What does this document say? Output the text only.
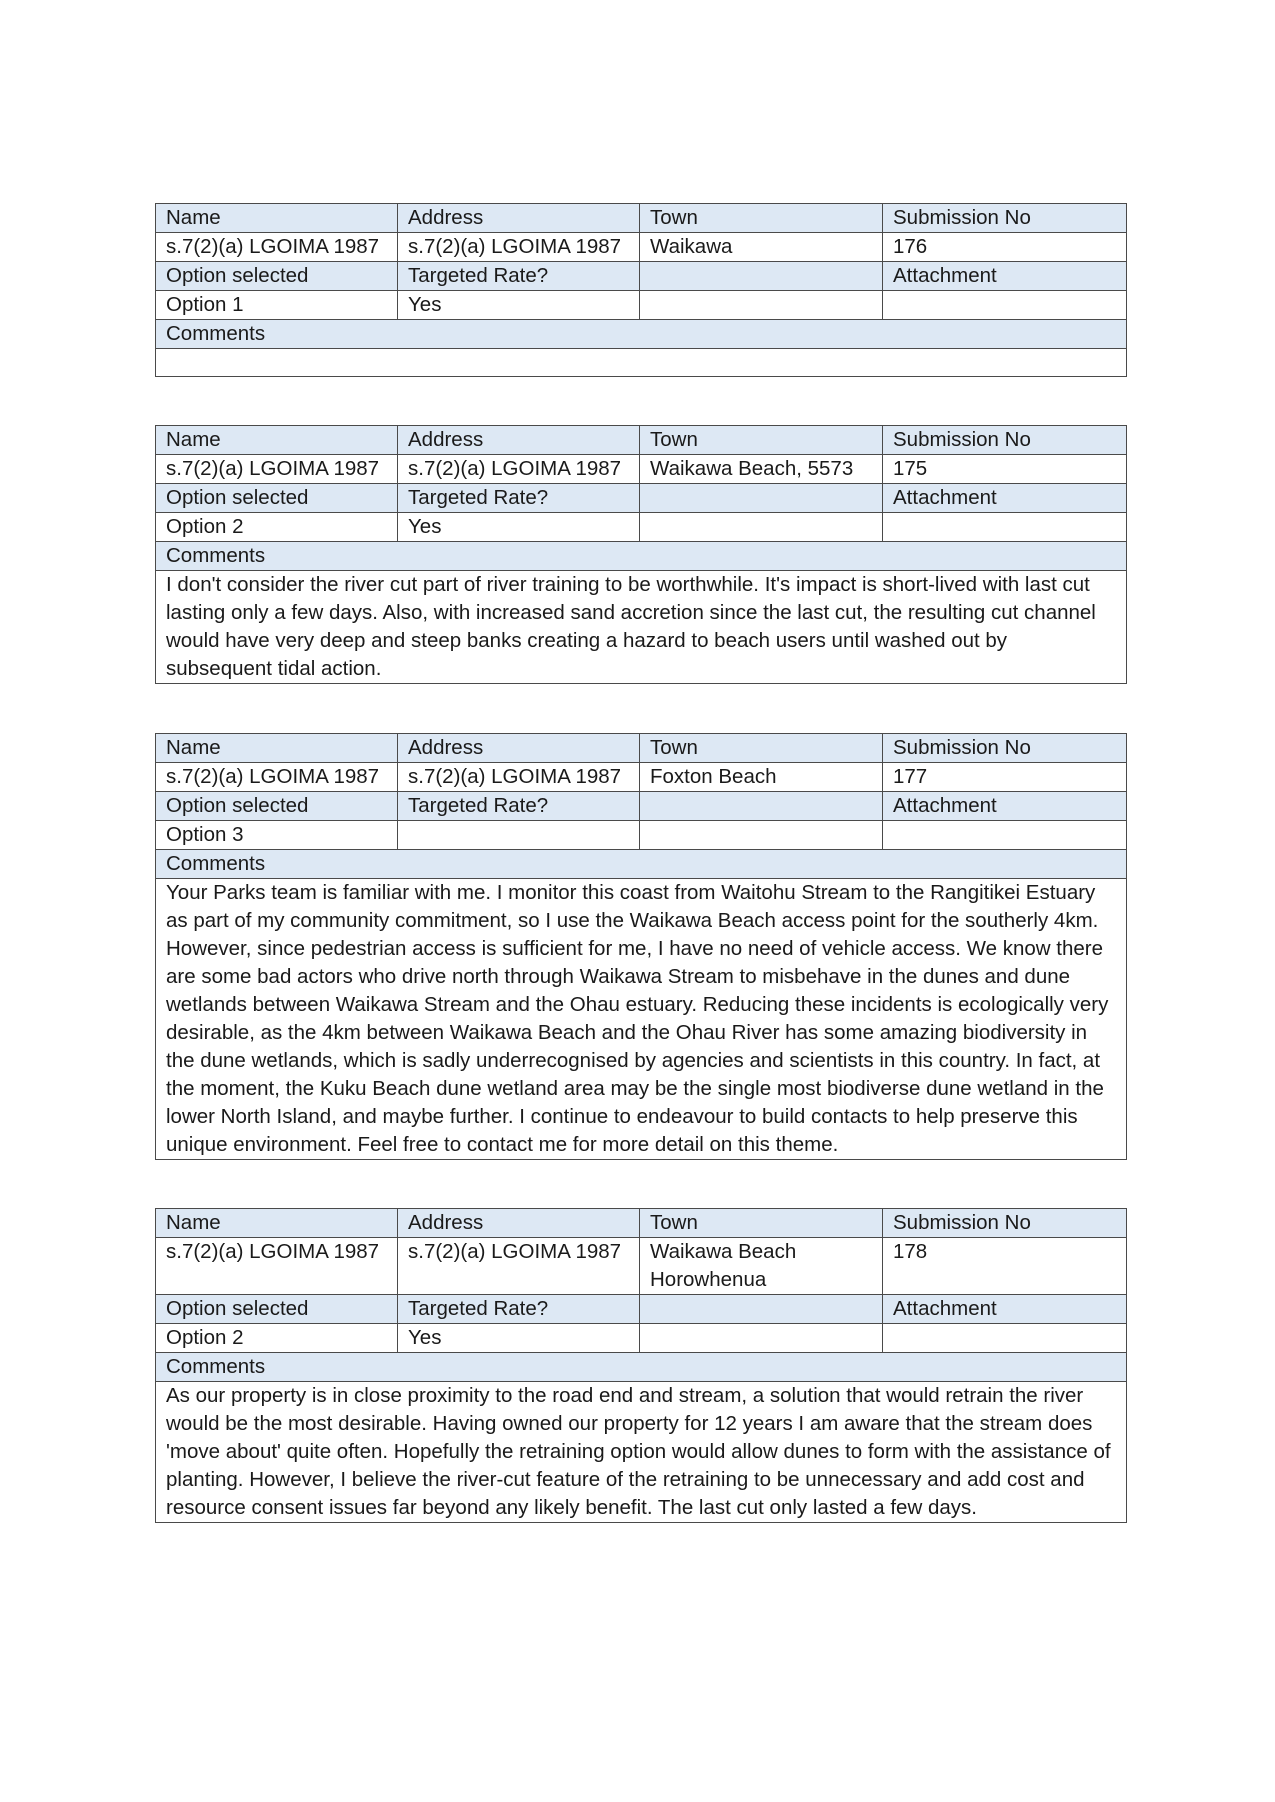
Name	Address	Town	Submission No
s.7(2)(a) LGOIMA 1987	s.7(2)(a) LGOIMA 1987	Waikawa	176
Option selected	Targeted Rate?		Attachment
Option 1	Yes		
Comments			

Name	Address	Town	Submission No
s.7(2)(a) LGOIMA 1987	s.7(2)(a) LGOIMA 1987	Waikawa Beach, 5573	175
Option selected	Targeted Rate?		Attachment
Option 2	Yes		
Comments			
I don't consider the river cut part of river training to be worthwhile. It's impact is short-lived with last cut lasting only a few days. Also, with increased sand accretion since the last cut, the resulting cut channel would have very deep and steep banks creating a hazard to beach users until washed out by subsequent tidal action.			
Name	Address	Town	Submission No
s.7(2)(a) LGOIMA 1987	s.7(2)(a) LGOIMA 1987	Foxton Beach	177
Option selected	Targeted Rate?		Attachment
Option 3			
Comments			
Your Parks team is familiar with me. I monitor this coast from Waitohu Stream to the Rangitikei Estuary as part of my community commitment, so I use the Waikawa Beach access point for the southerly 4km. However, since pedestrian access is sufficient for me, I have no need of vehicle access. We know there are some bad actors who drive north through Waikawa Stream to misbehave in the dunes and dune wetlands between Waikawa Stream and the Ohau estuary. Reducing these incidents is ecologically very desirable, as the 4km between Waikawa Beach and the Ohau River has some amazing biodiversity in the dune wetlands, which is sadly underrecognised by agencies and scientists in this country. In fact, at the moment, the Kuku Beach dune wetland area may be the single most biodiverse dune wetland in the lower North Island, and maybe further. I continue to endeavour to build contacts to help preserve this unique environment. Feel free to contact me for more detail on this theme.			
Name	Address	Town	Submission No
s.7(2)(a) LGOIMA 1987	s.7(2)(a) LGOIMA 1987	Waikawa Beach Horowhenua	178
Option selected	Targeted Rate?		Attachment
Option 2	Yes		
Comments			
As our property is in close proximity to the road end and stream, a solution that would retrain the river would be the most desirable. Having owned our property for 12 years I am aware that the stream does 'move about' quite often. Hopefully the retraining option would allow dunes to form with the assistance of planting. However, I believe the river-cut feature of the retraining to be unnecessary and add cost and resource consent issues far beyond any likely benefit. The last cut only lasted a few days.			
